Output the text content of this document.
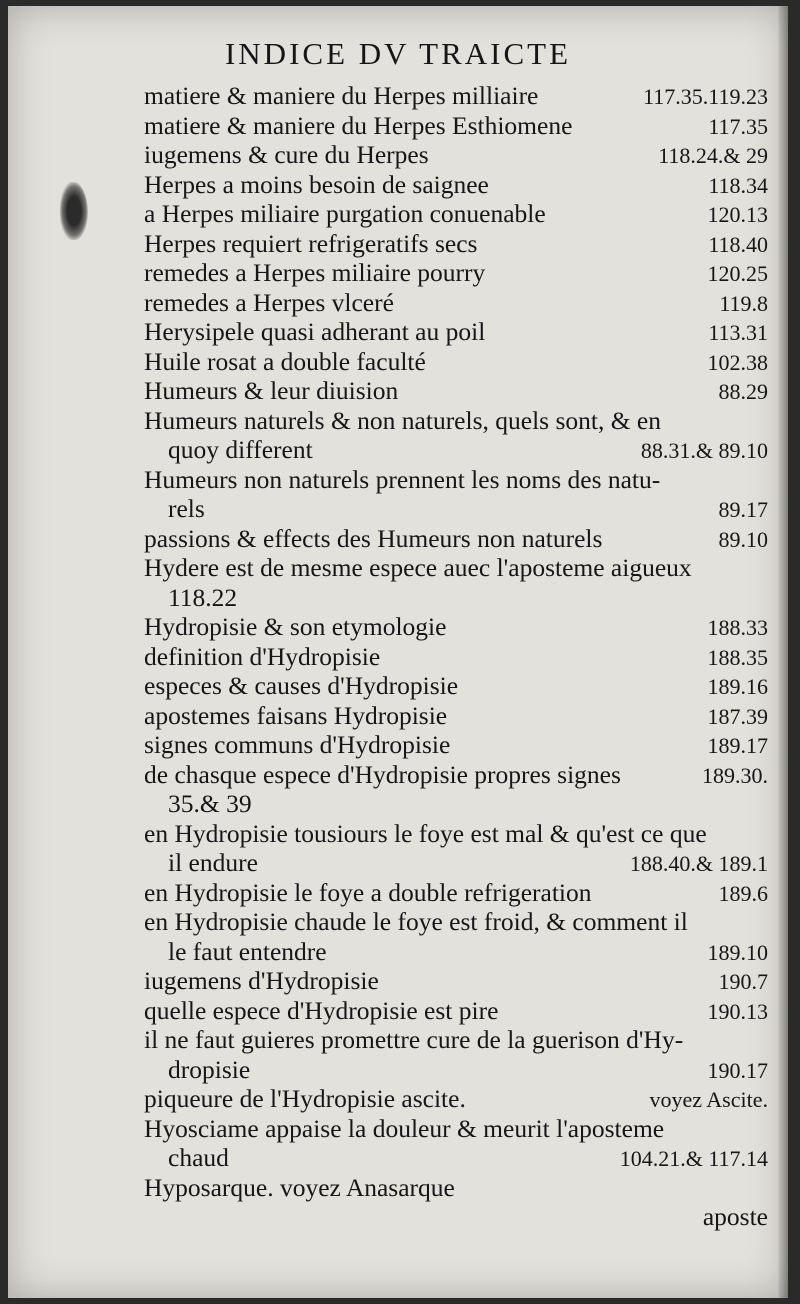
INDICE DV TRAICTE
matiere & maniere du Herpes milliaire	117.35.119.23
matiere & maniere du Herpes Esthiomene	117.35
iugemens & cure du Herpes	118.24.& 29
Herpes a moins besoin de saignee	118.34
a Herpes miliaire purgation conuenable	120.13
Herpes requiert refrigeratifs secs	118.40
remedes a Herpes miliaire pourry	120.25
remedes a Herpes vlceré	119.8
Herysipele quasi adherant au poil	113.31
Huile rosat a double faculté	102.38
Humeurs & leur diuision	88.29
Humeurs naturels & non naturels, quels sont, & en
quoy different	88.31.& 89.10
Humeurs non naturels prennent les noms des natu-
rels	89.17
passions & effects des Humeurs non naturels	89.10
Hydere est de mesme espece auec l'aposteme aigueux
118.22
Hydropisie & son etymologie	188.33
definition d'Hydropisie	188.35
especes & causes d'Hydropisie	189.16
apostemes faisans Hydropisie	187.39
signes communs d'Hydropisie	189.17
de chasque espece d'Hydropisie propres signes	189.30.
35.& 39
en Hydropisie tousiours le foye est mal & qu'est ce que
il endure	188.40.& 189.1
en Hydropisie le foye a double refrigeration	189.6
en Hydropisie chaude le foye est froid, & comment il
le faut entendre	189.10
iugemens d'Hydropisie	190.7
quelle espece d'Hydropisie est pire	190.13
il ne faut guieres promettre cure de la guerison d'Hy-
dropisie	190.17
piqueure de l'Hydropisie ascite.	voyez Ascite.
Hyosciame appaise la douleur & meurit l'aposteme
chaud	104.21.& 117.14
Hyposarque. voyez Anasarque
aposte
